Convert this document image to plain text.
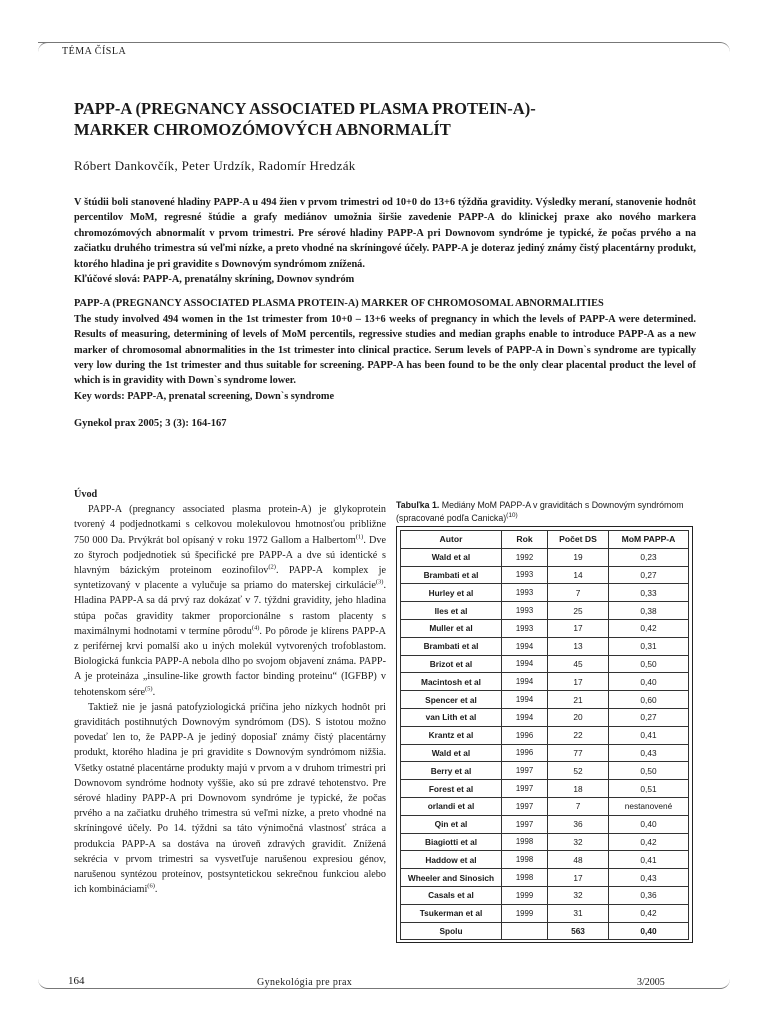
TÉMA ČÍSLA
PAPP-A (PREGNANCY ASSOCIATED PLASMA PROTEIN-A)-
MARKER CHROMOZÓMOVÝCH ABNORMALÍT
Róbert Dankovčík, Peter Urdzík, Radomír Hredzák

V štúdii boli stanovené hladiny PAPP-A u 494 žien v prvom trimestri od 10+0 do 13+6 týždňa gravidity. Výsledky meraní, stanovenie hodnôt percentilov MoM, regresné štúdie a grafy mediánov umožnia širšie zavedenie PAPP-A do klinickej praxe ako nového markera chromozómových abnormalít v prvom trimestri. Pre sérové hladiny PAPP-A pri Downovom syndróme je typické, že počas prvého a na začiatku druhého trimestra sú veľmi nízke, a preto vhodné na skríningové účely. PAPP-A je doteraz jediný známy čistý placentárny produkt, ktorého hladina je pri gravidite s Downovým syndrómom znížená.

Kľúčové slová: PAPP-A, prenatálny skríning, Downov syndróm

PAPP-A (PREGNANCY ASSOCIATED PLASMA PROTEIN-A) MARKER OF CHROMOSOMAL ABNORMALITIES

The study involved 494 women in the 1st trimester from 10+0 – 13+6 weeks of pregnancy in which the levels of PAPP-A were determined. Results of measuring, determining of levels of MoM percentils, regressive studies and median graphs enable to introduce PAPP-A as a new marker of chromosomal abnormalities in the 1st trimester into clinical practice. Serum levels of PAPP-A in Down`s syndrome are typically very low during the 1st trimester and thus suitable for screening. PAPP-A has been found to be the only clear placental product the level of which is in gravidity with Down`s syndrome lower.

Key words: PAPP-A, prenatal screening, Down`s syndrome

Gynekol prax 2005; 3 (3): 164-167

Úvod

PAPP-A (pregnancy associated plasma protein-A) je glykoprotein tvorený 4 podjednotkami s celkovou molekulovou hmotnosťou približne 750 000 Da. Prvýkrát bol opísaný v roku 1972 Gallom a Halbertom$^{(1)}$. Dve zo štyroch podjednotiek sú špecifické pre PAPP-A a dve sú identické s hlavným bázickým proteinom eozinofilov$^{(2)}$. PAPP-A komplex je syntetizovaný v placente a vylučuje sa priamo do materskej cirkulácie$^{(3)}$. Hladina PAPP-A sa dá prvý raz dokázať v 7. týždni gravidity, jeho hladina stúpa počas gravidity takmer proporcionálne s rastom placenty s maximálnymi hodnotami v termíne pôrodu$^{(4)}$. Po pôrode je klírens PAPP-A z periférnej krvi pomalší ako u iných molekúl vytvorených trofoblastom. Biologická funkcia PAPP-A nebola dlho po svojom objavení známa. PAPP-A je proteináza „insuline-like growth factor binding proteinu“ (IGFBP) v tehotenskom sére$^{(5)}$.

Taktiež nie je jasná patofyziologická príčina jeho nízkych hodnôt pri graviditách postihnutých Downovým syndrómom (DS). S istotou možno povedať len to, že PAPP-A je jediný doposiaľ známy čistý placentárny produkt, ktorého hladina je pri gravidite s Downovým syndrómom nižšia. Všetky ostatné placentárne produkty majú v prvom a v druhom trimestri pri Downovom syndróme hodnoty vyššie, ako sú pre zdravé tehotenstvo. Pre sérové hladiny PAPP-A pri Downovom syndróme je typické, že počas prvého a na začiatku druhého trimestra sú veľmi nízke, a preto vhodné na skríningové účely. Po 14. týždni sa táto výnimočná vlastnosť stráca a produkcia PAPP-A sa dostáva na úroveň zdravých gravidít. Znížená sekrécia v prvom trimestri sa vysvetľuje narušenou expresiou génov, narušenou syntézou proteínov, postsyntetickou sekrečnou funkciou alebo ich kombináciami$^{(6)}$.

Tabuľka 1. Mediány MoM PAPP-A v graviditách s Downovým syndrómom (spracované podľa Canicka)$^{(10)}$
Autor	Rok	Počet DS	MoM PAPP-A
Wald et al	1992	19	0,23
Brambati et al	1993	14	0,27
Hurley et al	1993	7	0,33
Iles et al	1993	25	0,38
Muller et al	1993	17	0,42
Brambati et al	1994	13	0,31
Brizot et al	1994	45	0,50
Macintosh et al	1994	17	0,40
Spencer et al	1994	21	0,60
van Lith et al	1994	20	0,27
Krantz et al	1996	22	0,41
Wald et al	1996	77	0,43
Berry et al	1997	52	0,50
Forest et al	1997	18	0,51
orlandi et al	1997	7	nestanovené
Qin et al	1997	36	0,40
Biagiotti et al	1998	32	0,42
Haddow et al	1998	48	0,41
Wheeler and Sinosich	1998	17	0,43
Casals et al	1999	32	0,36
Tsukerman et al	1999	31	0,42
Spolu		563	0,40
164	Gynekológia pre prax	3/2005
